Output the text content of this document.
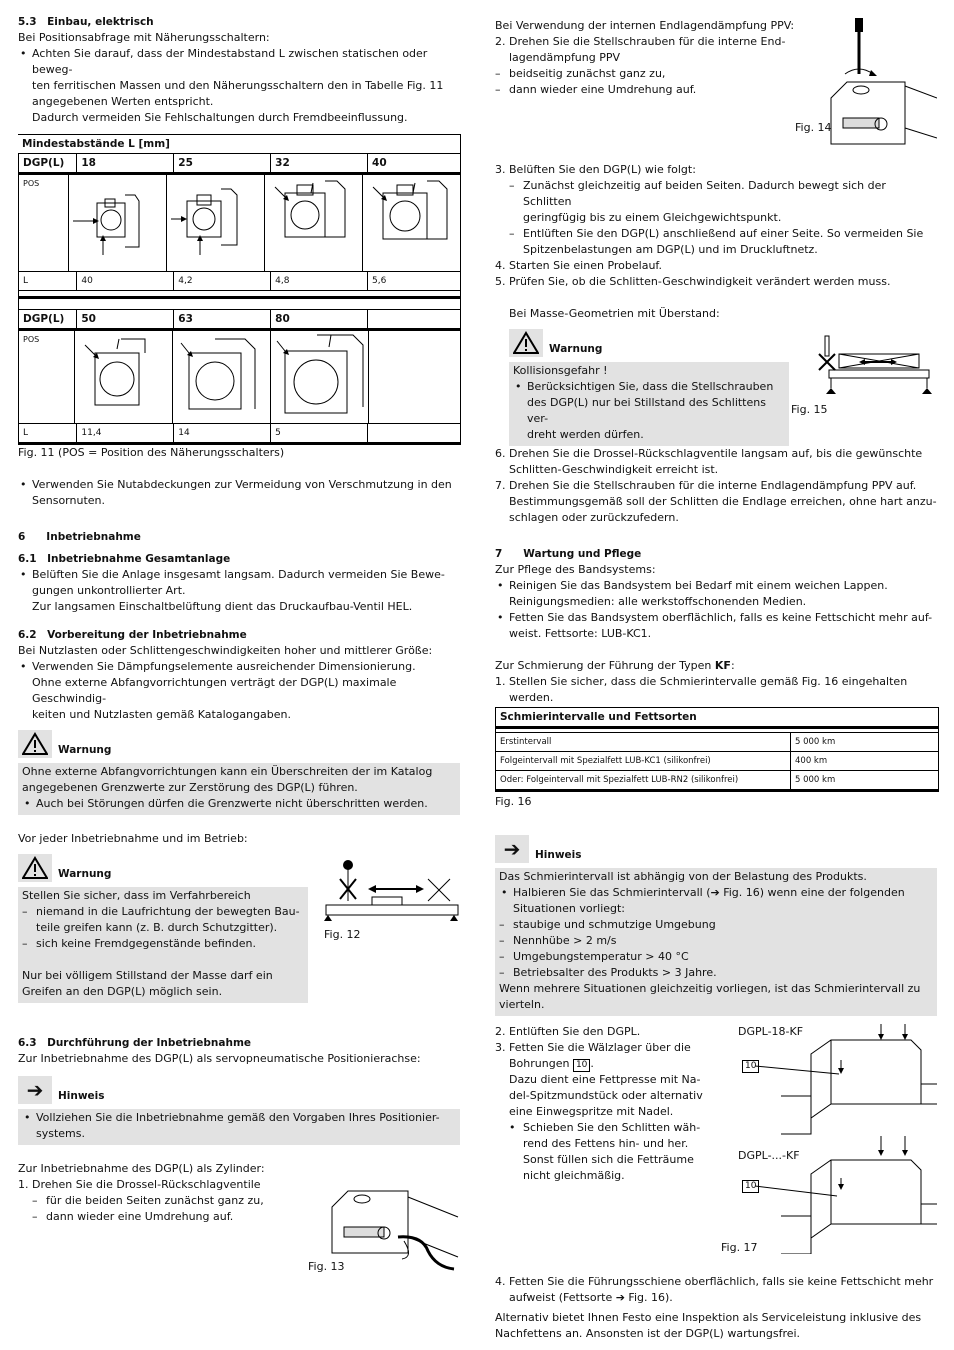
5.3 Einbau, elektrisch

Bei Positionsabfrage mit Näherungsschaltern:

• Achten Sie darauf, dass der Mindestabstand L zwischen statischen oder beweg-
ten ferritischen Massen und den Näherungsschaltern den in Tabelle Fig. 11
angegebenen Werten entspricht.
Dadurch vermeiden Sie Fehlschaltungen durch Fremdbeeinflussung.
Mindestabstände L [mm]
DGP(L)	18	25	32	40
POS
L	40	4,2	4,8	5,6
DGP(L)	50	63	80

POS
L	11,4	14	5

Fig. 11 (POS = Position des Näherungsschalters)

• Verwenden Sie Nutabdeckungen zur Vermeidung von Verschmutzung in den
Sensornuten.

6  Inbetriebnahme

6.1 Inbetriebnahme Gesamtanlage

• Belüften Sie die Anlage insgesamt langsam. Dadurch vermeiden Sie Bewe-
gungen unkontrollierter Art.
Zur langsamen Einschaltbelüftung dient das Druckaufbau-Ventil HEL.

6.2 Vorbereitung der Inbetriebnahme

Bei Nutzlasten oder Schlittengeschwindigkeiten hoher und mittlerer Größe:

• Verwenden Sie Dämpfungselemente ausreichender Dimensionierung.
Ohne externe Abfangvorrichtungen verträgt der DGP(L) maximale Geschwindig-
keiten und Nutzlasten gemäß Katalogangaben.
Warnung
Ohne externe Abfangvorrichtungen kann ein Überschreiten der im Katalog
angegebenen Grenzwerte zur Zerstörung des DGP(L) führen.
• Auch bei Störungen dürfen die Grenzwerte nicht überschritten werden.

Vor jeder Inbetriebnahme und im Betrieb:

Warnung
Stellen Sie sicher, dass im Verfahrbereich
– niemand in die Laufrichtung der bewegten Bau-
teile greifen kann (z. B. durch Schutzgitter).
– sich keine Fremdgegenstände befinden.
Nur bei völligem Stillstand der Masse darf ein
Greifen an den DGP(L) möglich sein.
Fig. 12

6.3 Durchführung der Inbetriebnahme

Zur Inbetriebnahme des DGP(L) als servopneumatische Positionierachse:

➔	Hinweis
• Vollziehen Sie die Inbetriebnahme gemäß den Vorgaben Ihres Positionier-
systems.

Zur Inbetriebnahme des DGP(L) als Zylinder:

1. Drehen Sie die Drossel-Rückschlagventile
– für die beiden Seiten zunächst ganz zu,
– dann wieder eine Umdrehung auf.
Fig. 13

Bei Verwendung der internen Endlagendämpfung PPV:

2. Drehen Sie die Stellschrauben für die interne End-
lagendämpfung PPV
– beidseitig zunächst ganz zu,
– dann wieder eine Umdrehung auf.
Fig. 14
3. Belüften Sie den DGP(L) wie folgt:
– Zunächst gleichzeitig auf beiden Seiten. Dadurch bewegt sich der Schlitten
geringfügig bis zu einem Gleichgewichtspunkt.
– Entlüften Sie den DGP(L) anschließend auf einer Seite. So vermeiden Sie
Spitzenbelastungen am DGP(L) und im Druckluftnetz.
4. Starten Sie einen Probelauf.
5. Prüfen Sie, ob die Schlitten-Geschwindigkeit verändert werden muss.

Bei Masse-Geometrien mit Überstand:

Warnung
Kollisionsgefahr !
• Berücksichtigen Sie, dass die Stellschrauben
des DGP(L) nur bei Stillstand des Schlittens ver-
dreht werden dürfen.
Fig. 15
6. Drehen Sie die Drossel-Rückschlagventile langsam auf, bis die gewünschte
Schlitten-Geschwindigkeit erreicht ist.
7. Drehen Sie die Stellschrauben für die interne Endlagendämpfung PPV auf.
Bestimmungsgemäß soll der Schlitten die Endlage erreichen, ohne hart anzu-
schlagen oder zurückzufedern.

7  Wartung und Pflege

Zur Pflege des Bandsystems:

• Reinigen Sie das Bandsystem bei Bedarf mit einem weichen Lappen.
Reinigungsmedien: alle werkstoffschonenden Medien.
• Fetten Sie das Bandsystem oberflächlich, falls es keine Fettschicht mehr auf-
weist. Fettsorte: LUB-KC1.

Zur Schmierung der Führung der Typen KF:

1. Stellen Sie sicher, dass die Schmierintervalle gemäß Fig. 16 eingehalten werden.
Schmierintervalle und Fettsorten
Erstintervall	5 000 km
Folgeintervall mit Spezialfett LUB-KC1 (silikonfrei)	400 km
Oder: Folgeintervall mit Spezialfett LUB-RN2 (silikonfrei)	5 000 km

Fig. 16

➔	Hinweis
Das Schmierintervall ist abhängig von der Belastung des Produkts.
• Halbieren Sie das Schmierintervall (➔ Fig. 16) wenn eine der folgenden
Situationen vorliegt:
– staubige und schmutzige Umgebung
– Nennhübe > 2 m/s
– Umgebungstemperatur > 40 °C
– Betriebsalter des Produkts > 3 Jahre.
Wenn mehrere Situationen gleichzeitig vorliegen, ist das Schmierintervall zu
vierteln.
2. Entlüften Sie den DGPL.
3. Fetten Sie die Wälzlager über die
Bohrungen 10 .
Dazu dient eine Fettpresse mit Na-
del-Spitzmundstück oder alternativ
eine Einwegspritze mit Nadel.
• Schieben Sie den Schlitten wäh-
rend des Fettens hin- und her.
Sonst füllen sich die Fetträume
nicht gleichmäßig.
DGPL-18-KF
10
DGPL-...-KF
10
Fig. 17
4. Fetten Sie die Führungsschiene oberflächlich, falls sie keine Fettschicht mehr
aufweist (Fettsorte ➔ Fig. 16).

Alternativ bietet Ihnen Festo eine Inspektion als Serviceleistung inklusive des
Nachfettens an. Ansonsten ist der DGP(L) wartungsfrei.
